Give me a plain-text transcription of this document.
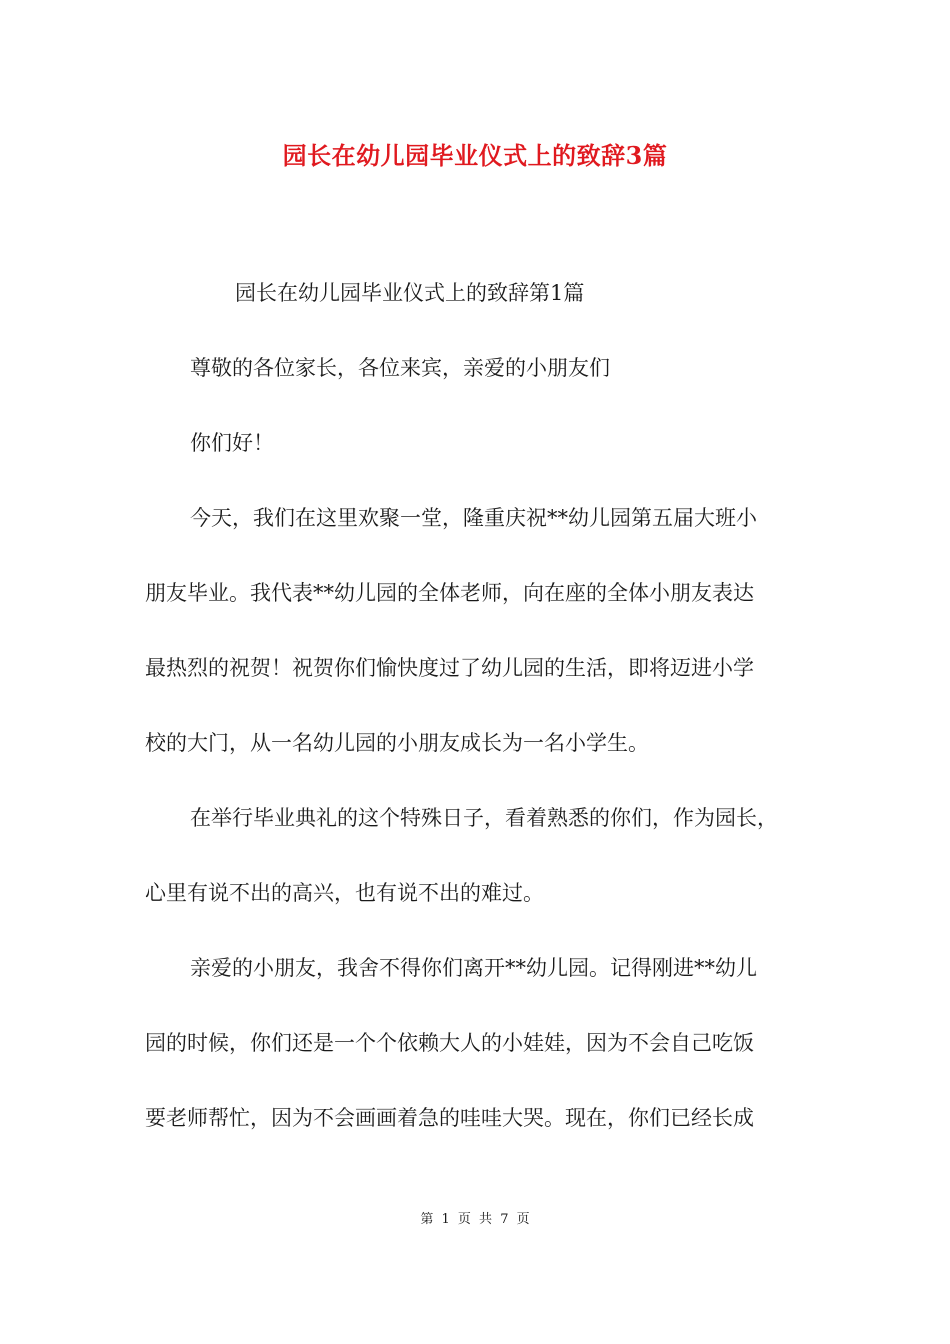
园长在幼儿园毕业仪式上的致辞3篇

园长在幼儿园毕业仪式上的致辞第1篇

尊敬的各位家长，各位来宾，亲爱的小朋友们

你们好！

今天，我们在这里欢聚一堂，隆重庆祝**幼儿园第五届大班小

朋友毕业。我代表**幼儿园的全体老师，向在座的全体小朋友表达

最热烈的祝贺！祝贺你们愉快度过了幼儿园的生活，即将迈进小学

校的大门，从一名幼儿园的小朋友成长为一名小学生。

在举行毕业典礼的这个特殊日子，看着熟悉的你们，作为园长，

心里有说不出的高兴，也有说不出的难过。

亲爱的小朋友，我舍不得你们离开**幼儿园。记得刚进**幼儿

园的时候，你们还是一个个依赖大人的小娃娃，因为不会自己吃饭

要老师帮忙，因为不会画画着急的哇哇大哭。现在，你们已经长成

第 1 页 共 7 页
